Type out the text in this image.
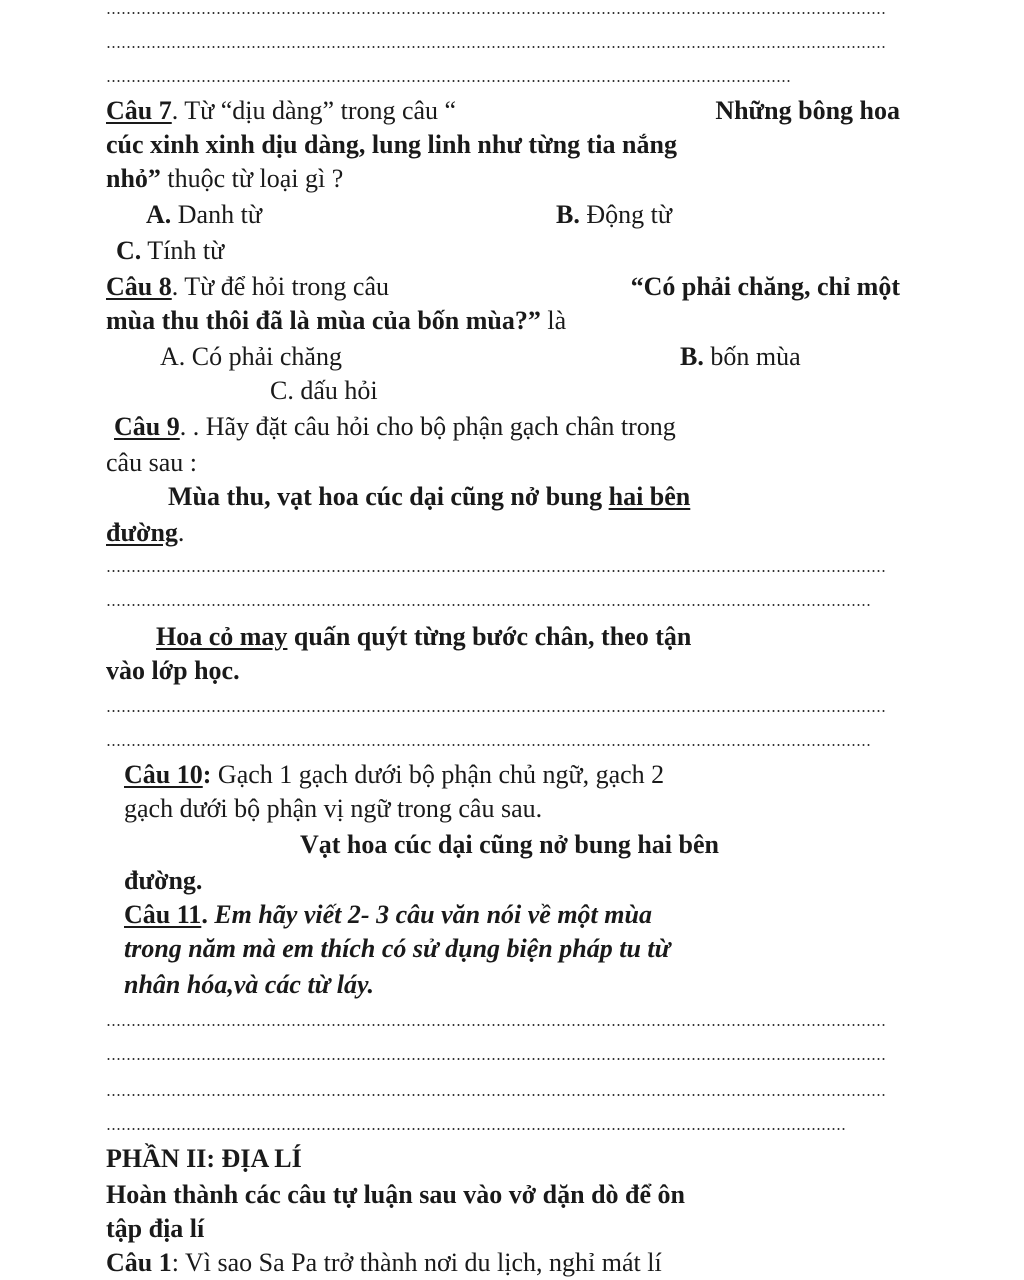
Câu 7. Từ “dịu dàng” trong câu “	Những bông hoa
cúc xinh xinh dịu dàng, lung linh như từng tia nắng
nhỏ” thuộc từ loại gì ?
A. Danh từ	B. Động từ
C. Tính từ
Câu 8. Từ để hỏi trong câu	“Có phải chăng, chỉ một
mùa thu thôi đã là mùa của bốn mùa?” là
A. Có phải chăng	B. bốn mùa
C. dấu hỏi
Câu 9. . Hãy đặt câu hỏi cho bộ phận gạch chân trong
câu sau :
Mùa thu, vạt hoa cúc dại cũng nở bung hai bên
đường.
Hoa cỏ may quấn quýt từng bước chân, theo tận
vào lớp học.
Câu 10: Gạch 1 gạch dưới bộ phận chủ ngữ, gạch 2
gạch dưới bộ phận vị ngữ trong câu sau.
Vạt hoa cúc dại cũng nở bung hai bên
đường.
Câu 11. Em hãy viết 2- 3 câu văn nói về một mùa
trong năm mà em thích có sử dụng biện pháp tu từ
nhân hóa,và các từ láy.
PHẦN II: ĐỊA LÍ
Hoàn thành các câu tự luận sau vào vở dặn dò để ôn
tập địa lí
Câu 1: Vì sao Sa Pa trở thành nơi du lịch, nghỉ mát lí
